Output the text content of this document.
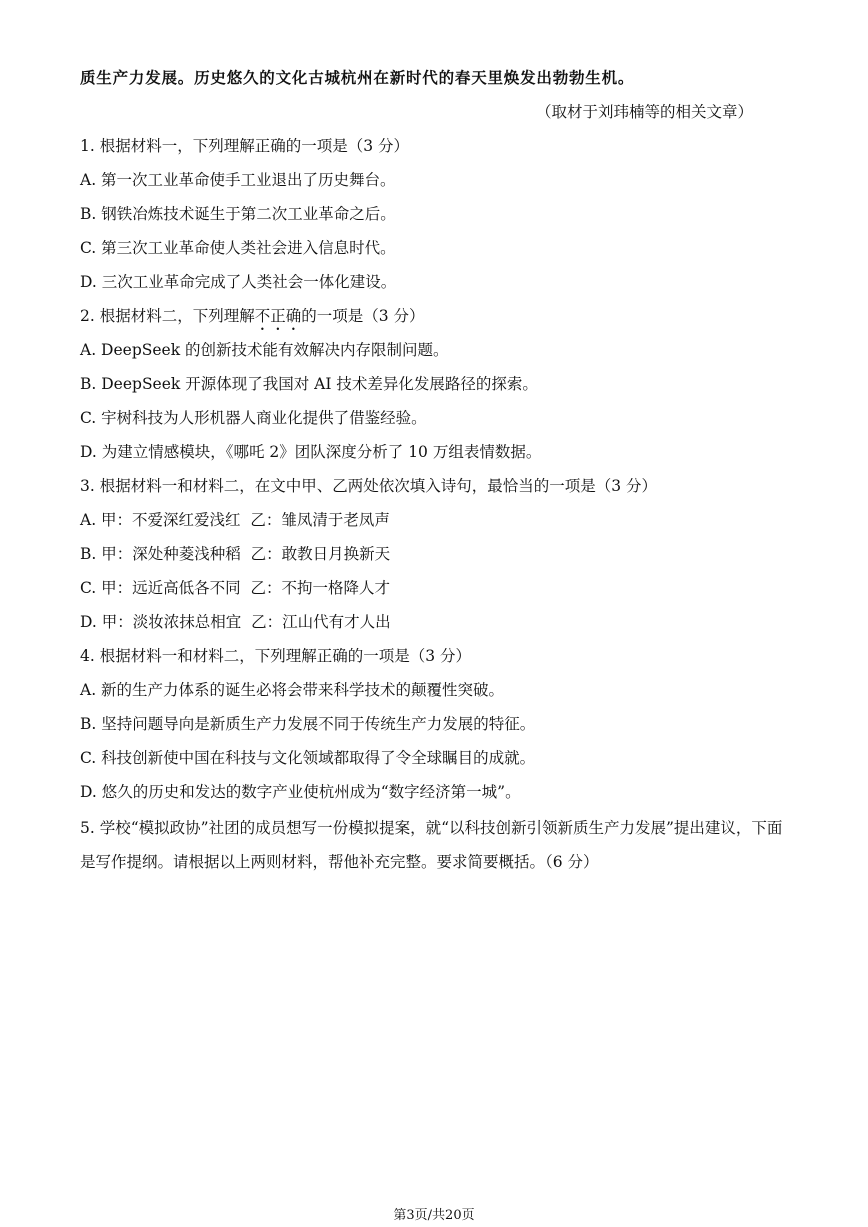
质生产力发展。历史悠久的文化古城杭州在新时代的春天里焕发出勃勃生机。
（取材于刘玮楠等的相关文章）
1. 根据材料一，下列理解正确的一项是（3 分）
A. 第一次工业革命使手工业退出了历史舞台。
B. 钢铁冶炼技术诞生于第二次工业革命之后。
C. 第三次工业革命使人类社会进入信息时代。
D. 三次工业革命完成了人类社会一体化建设。
2. 根据材料二，下列理解不正确的一项是（3 分）
A. DeepSeek 的创新技术能有效解决内存限制问题。
B. DeepSeek 开源体现了我国对 AI 技术差异化发展路径的探索。
C. 宇树科技为人形机器人商业化提供了借鉴经验。
D. 为建立情感模块，《哪吒 2》团队深度分析了 10 万组表情数据。
3. 根据材料一和材料二，在文中甲、乙两处依次填入诗句，最恰当的一项是（3 分）
A. 甲：不爱深红爱浅红  乙：雏凤清于老凤声
B. 甲：深处种菱浅种稻  乙：敢教日月换新天
C. 甲：远近高低各不同  乙：不拘一格降人才
D. 甲：淡妆浓抹总相宜  乙：江山代有才人出
4. 根据材料一和材料二，下列理解正确的一项是（3 分）
A. 新的生产力体系的诞生必将会带来科学技术的颠覆性突破。
B. 坚持问题导向是新质生产力发展不同于传统生产力发展的特征。
C. 科技创新使中国在科技与文化领域都取得了令全球瞩目的成就。
D. 悠久的历史和发达的数字产业使杭州成为“数字经济第一城”。
5. 学校“模拟政协”社团的成员想写一份模拟提案，就“以科技创新引领新质生产力发展”提出建议，下面是写作提纲。请根据以上两则材料，帮他补充完整。要求简要概括。（6 分）
第3页/共20页
